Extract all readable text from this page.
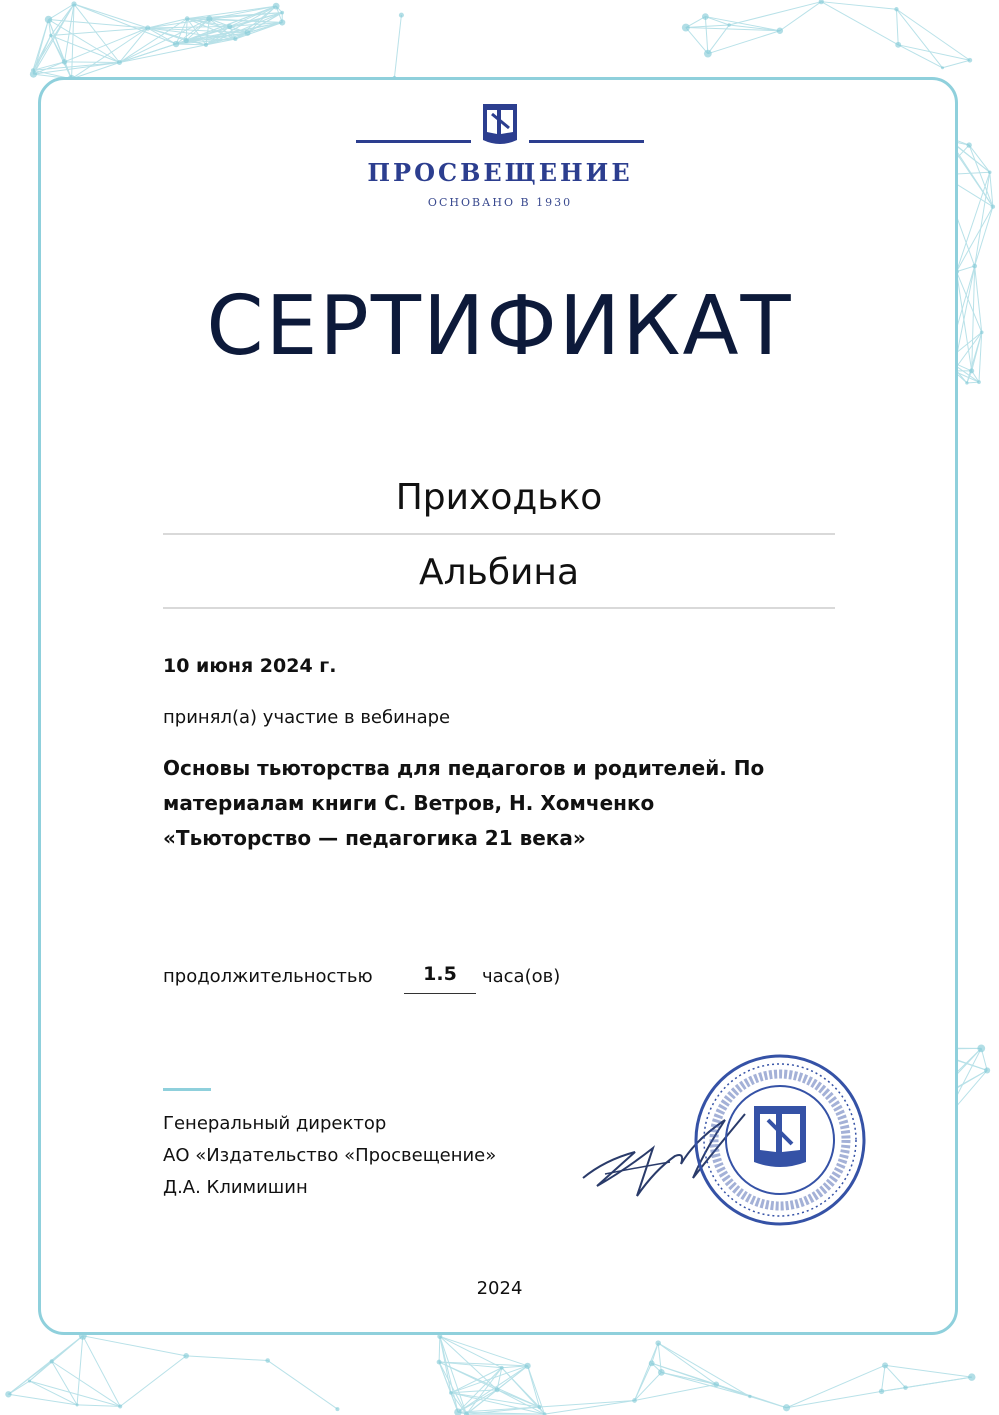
ПРОСВЕЩЕНИЕ
ОСНОВАНО В 1930
СЕРТИФИКАТ
Приходько
Альбина
10 июня 2024 г.
принял(а) участие в вебинаре
Основы тьюторства для педагогов и родителей. По
материалам книги С. Ветров, Н. Хомченко
«Тьюторство — педагогика 21 века»
продолжительностью	1.5	часа(ов)
Генеральный директор
АО «Издательство «Просвещение»
Д.А. Климишин
2024
